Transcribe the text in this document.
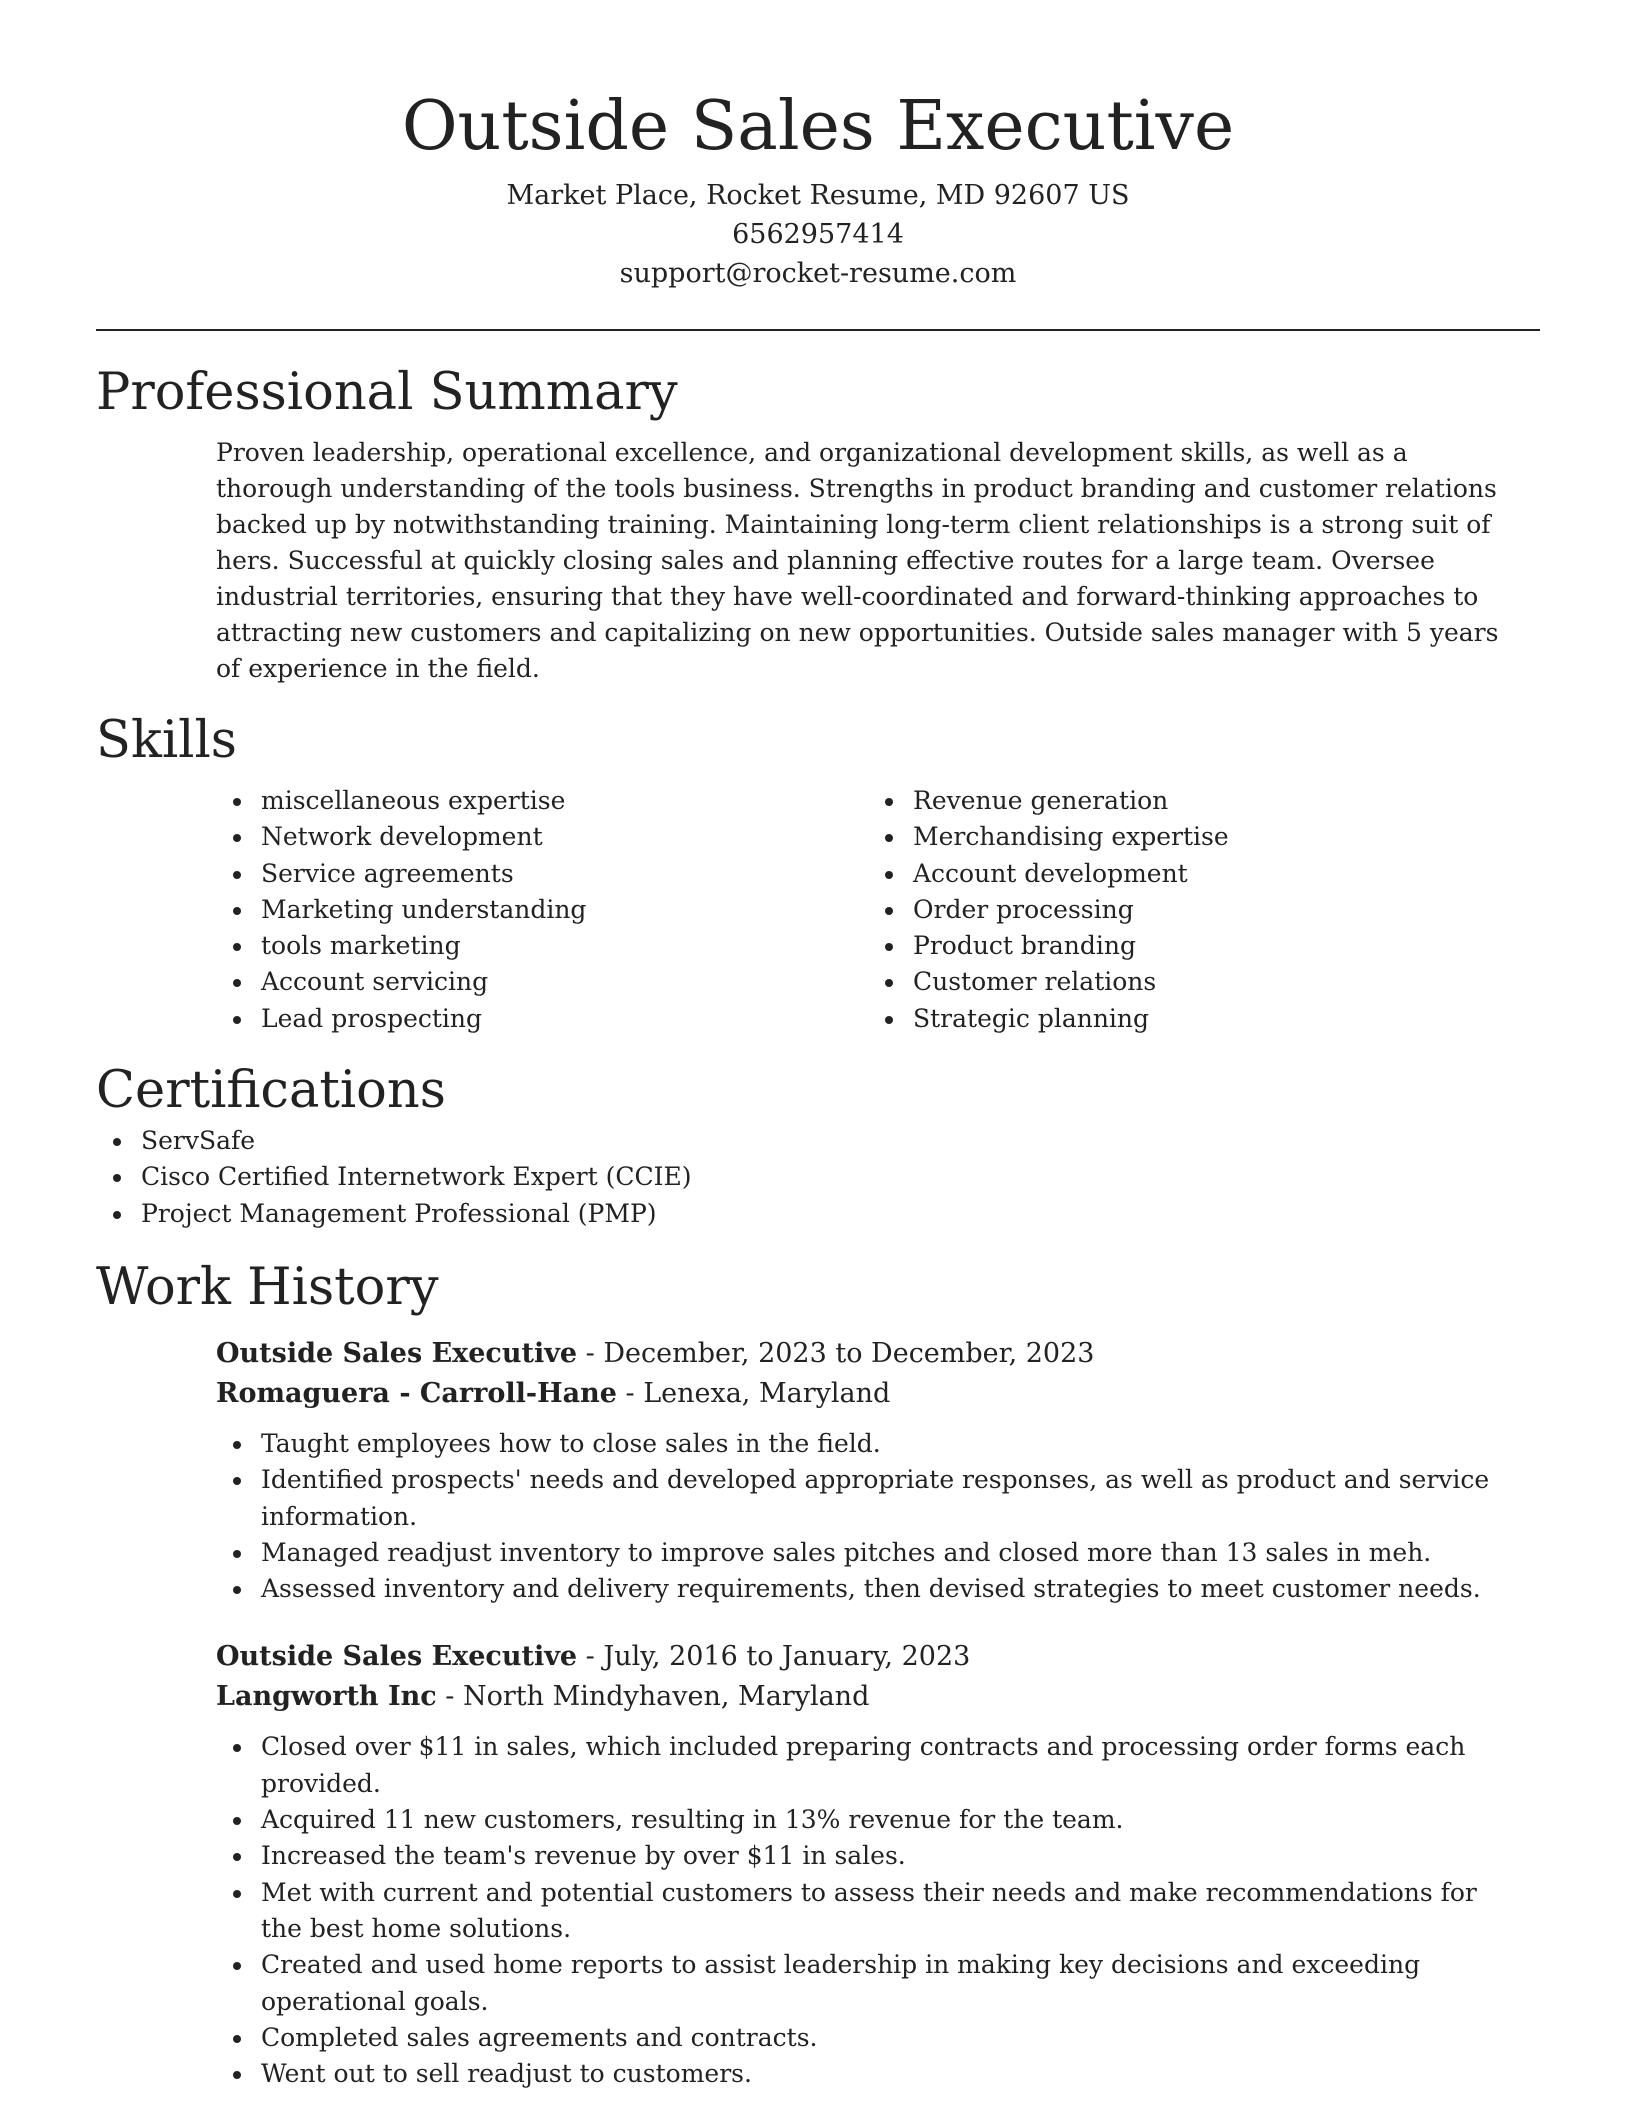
Outside Sales Executive
Market Place, Rocket Resume, MD 92607 US
6562957414
support@rocket-resume.com
Professional Summary

Proven leadership, operational excellence, and organizational development skills, as well as a thorough understanding of the tools business. Strengths in product branding and customer relations backed up by notwithstanding training. Maintaining long-term client relationships is a strong suit of hers. Successful at quickly closing sales and planning effective routes for a large team. Oversee industrial territories, ensuring that they have well-coordinated and forward-thinking approaches to attracting new customers and capitalizing on new opportunities. Outside sales manager with 5 years of experience in the field.

Skills
miscellaneous expertise
Network development
Service agreements
Marketing understanding
tools marketing
Account servicing
Lead prospecting
Revenue generation
Merchandising expertise
Account development
Order processing
Product branding
Customer relations
Strategic planning
Certifications
ServSafe
Cisco Certified Internetwork Expert (CCIE)
Project Management Professional (PMP)
Work History
Outside Sales Executive - December, 2023 to December, 2023
Romaguera - Carroll-Hane - Lenexa, Maryland
Taught employees how to close sales in the field.
Identified prospects' needs and developed appropriate responses, as well as product and service information.
Managed readjust inventory to improve sales pitches and closed more than 13 sales in meh.
Assessed inventory and delivery requirements, then devised strategies to meet customer needs.
Outside Sales Executive - July, 2016 to January, 2023
Langworth Inc - North Mindyhaven, Maryland
Closed over $11 in sales, which included preparing contracts and processing order forms each provided.
Acquired 11 new customers, resulting in 13% revenue for the team.
Increased the team's revenue by over $11 in sales.
Met with current and potential customers to assess their needs and make recommendations for the best home solutions.
Created and used home reports to assist leadership in making key decisions and exceeding operational goals.
Completed sales agreements and contracts.
Went out to sell readjust to customers.
